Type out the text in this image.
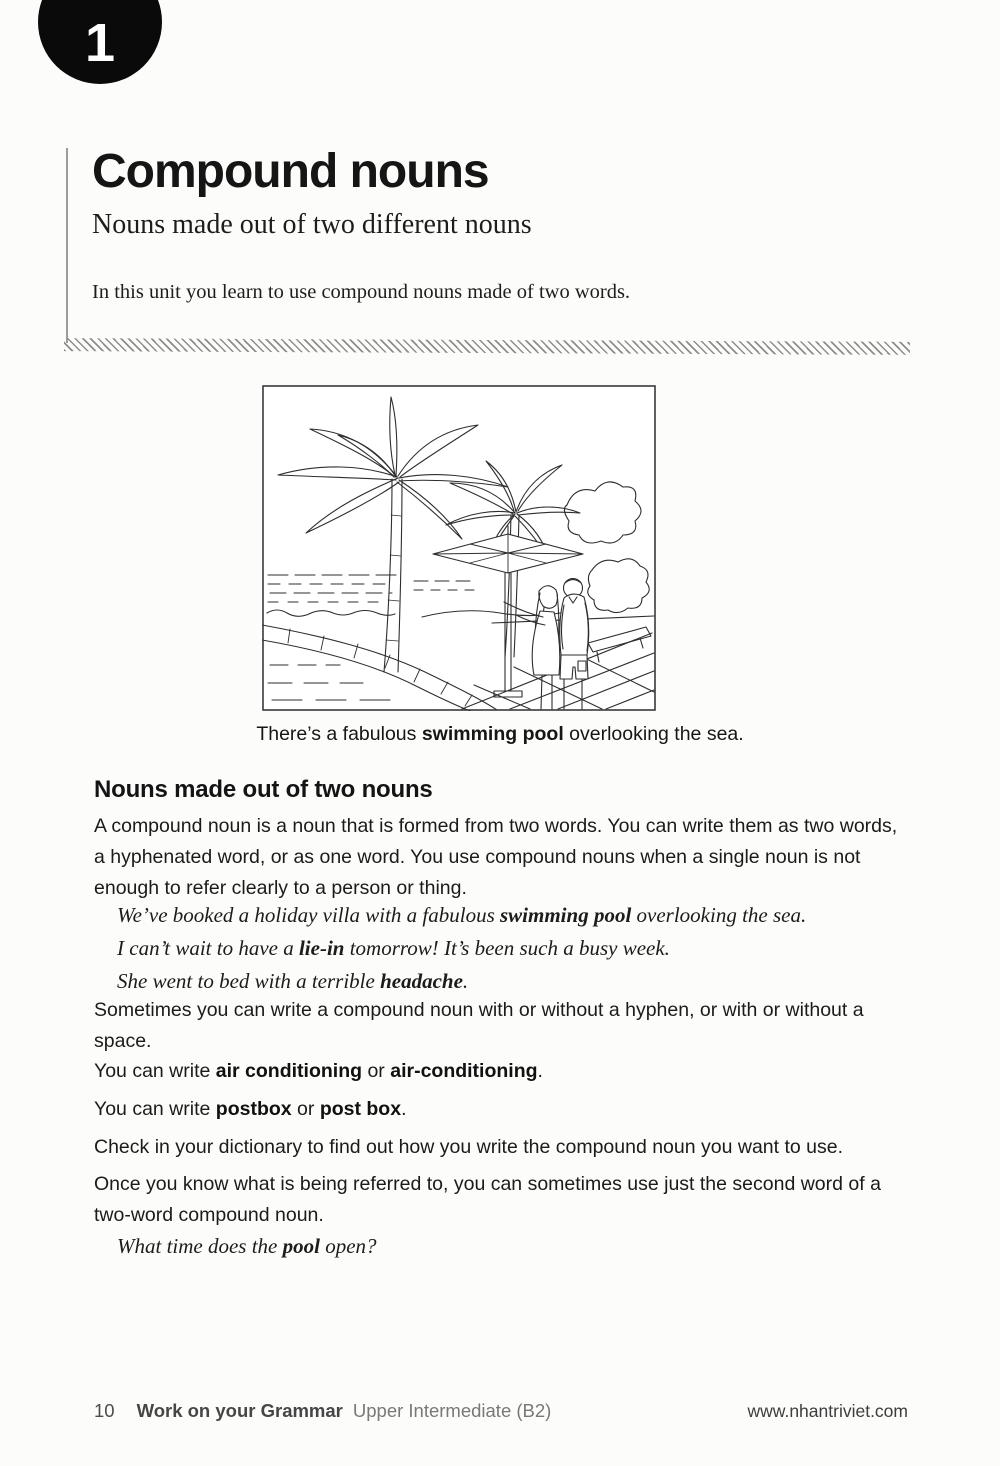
1
Compound nouns
Nouns made out of two different nouns
In this unit you learn to use compound nouns made of two words.
There’s a fabulous swimming pool overlooking the sea.
Nouns made out of two nouns

A compound noun is a noun that is formed from two words. You can write them as two words, a hyphenated word, or as one word. You use compound nouns when a single noun is not enough to refer clearly to a person or thing.

We’ve booked a holiday villa with a fabulous swimming pool overlooking the sea.
I can’t wait to have a lie-in tomorrow! It’s been such a busy week.
She went to bed with a terrible headache.

Sometimes you can write a compound noun with or without a hyphen, or with or without a space.

You can write air conditioning or air-conditioning.

You can write postbox or post box.

Check in your dictionary to find out how you write the compound noun you want to use.

Once you know what is being referred to, you can sometimes use just the second word of a two-word compound noun.

What time does the pool open?
10 Work on your Grammar Upper Intermediate (B2)	www.nhantriviet.com
